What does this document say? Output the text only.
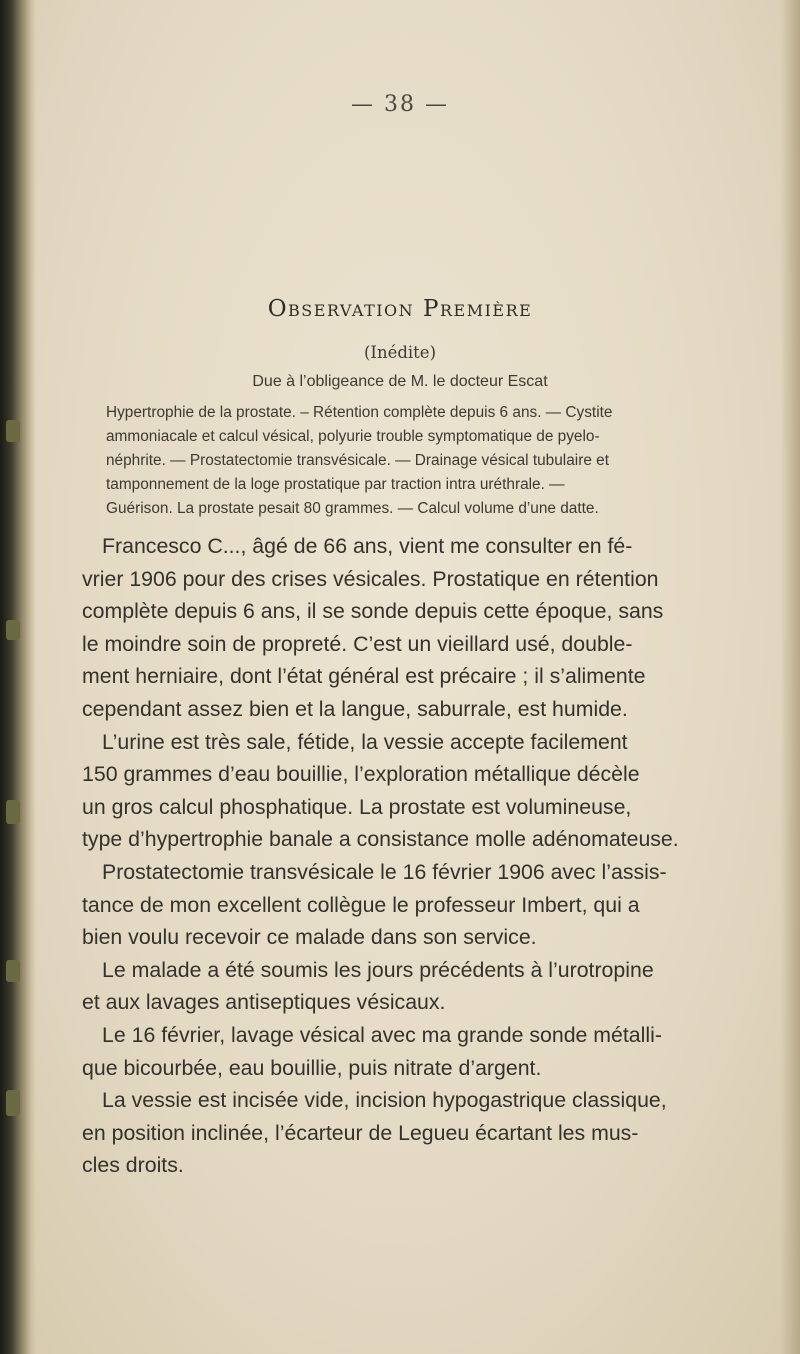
— 38 —
Observation Première
(Inédite)
Due à l’obligeance de M. le docteur Escat
Hypertrophie de la prostate. – Rétention complète depuis 6 ans. — Cystite
ammoniacale et calcul vésical, polyurie trouble symptomatique de pyelo-
néphrite. — Prostatectomie transvésicale. — Drainage vésical tubulaire et
tamponnement de la loge prostatique par traction intra uréthrale. —
Guérison. La prostate pesait 80 grammes. — Calcul volume d’une datte.
Francesco C..., âgé de 66 ans, vient me consulter en fé-
vrier 1906 pour des crises vésicales. Prostatique en rétention
complète depuis 6 ans, il se sonde depuis cette époque, sans
le moindre soin de propreté. C’est un vieillard usé, double-
ment herniaire, dont l’état général est précaire ; il s’alimente
cependant assez bien et la langue, saburrale, est humide.
L’urine est très sale, fétide, la vessie accepte facilement
150 grammes d’eau bouillie, l’exploration métallique décèle
un gros calcul phosphatique. La prostate est volumineuse,
type d’hypertrophie banale a consistance molle adénomateuse.
Prostatectomie transvésicale le 16 février 1906 avec l’assis-
tance de mon excellent collègue le professeur Imbert, qui a
bien voulu recevoir ce malade dans son service.
Le malade a été soumis les jours précédents à l’urotropine
et aux lavages antiseptiques vésicaux.
Le 16 février, lavage vésical avec ma grande sonde métalli-
que bicourbée, eau bouillie, puis nitrate d’argent.
La vessie est incisée vide, incision hypogastrique classique,
en position inclinée, l’écarteur de Legueu écartant les mus-
cles droits.
